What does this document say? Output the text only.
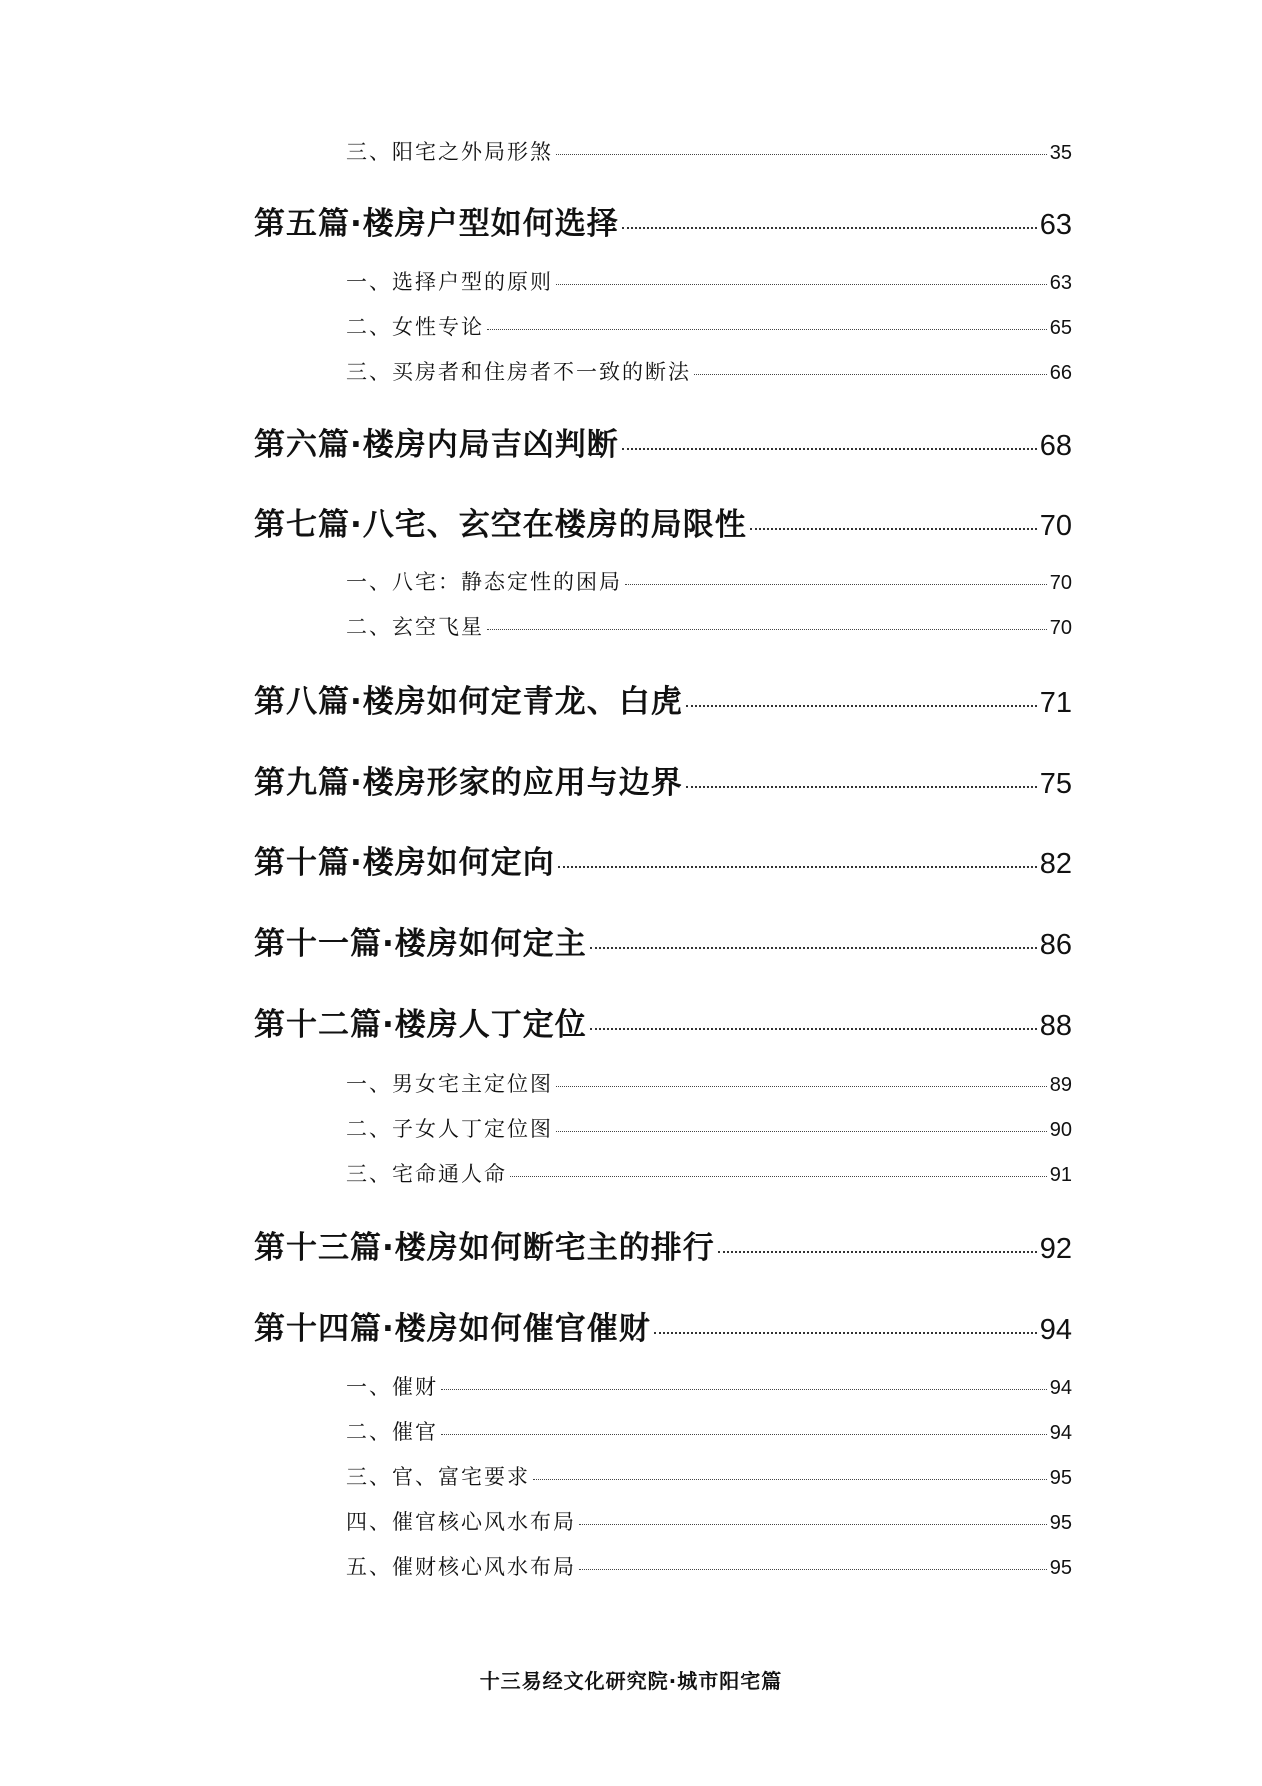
三、阳宅之外局形煞	35
第五篇·楼房户型如何选择	63
一、选择户型的原则	63
二、女性专论	65
三、买房者和住房者不一致的断法	66
第六篇·楼房内局吉凶判断	68
第七篇·八宅、玄空在楼房的局限性	70
一、八宅：静态定性的困局	70
二、玄空飞星	70
第八篇·楼房如何定青龙、白虎	71
第九篇·楼房形家的应用与边界	75
第十篇·楼房如何定向	82
第十一篇·楼房如何定主	86
第十二篇·楼房人丁定位	88
一、男女宅主定位图	89
二、子女人丁定位图	90
三、宅命通人命	91
第十三篇·楼房如何断宅主的排行	92
第十四篇·楼房如何催官催财	94
一、催财	94
二、催官	94
三、官、富宅要求	95
四、催官核心风水布局	95
五、催财核心风水布局	95
十三易经文化研究院·城市阳宅篇
